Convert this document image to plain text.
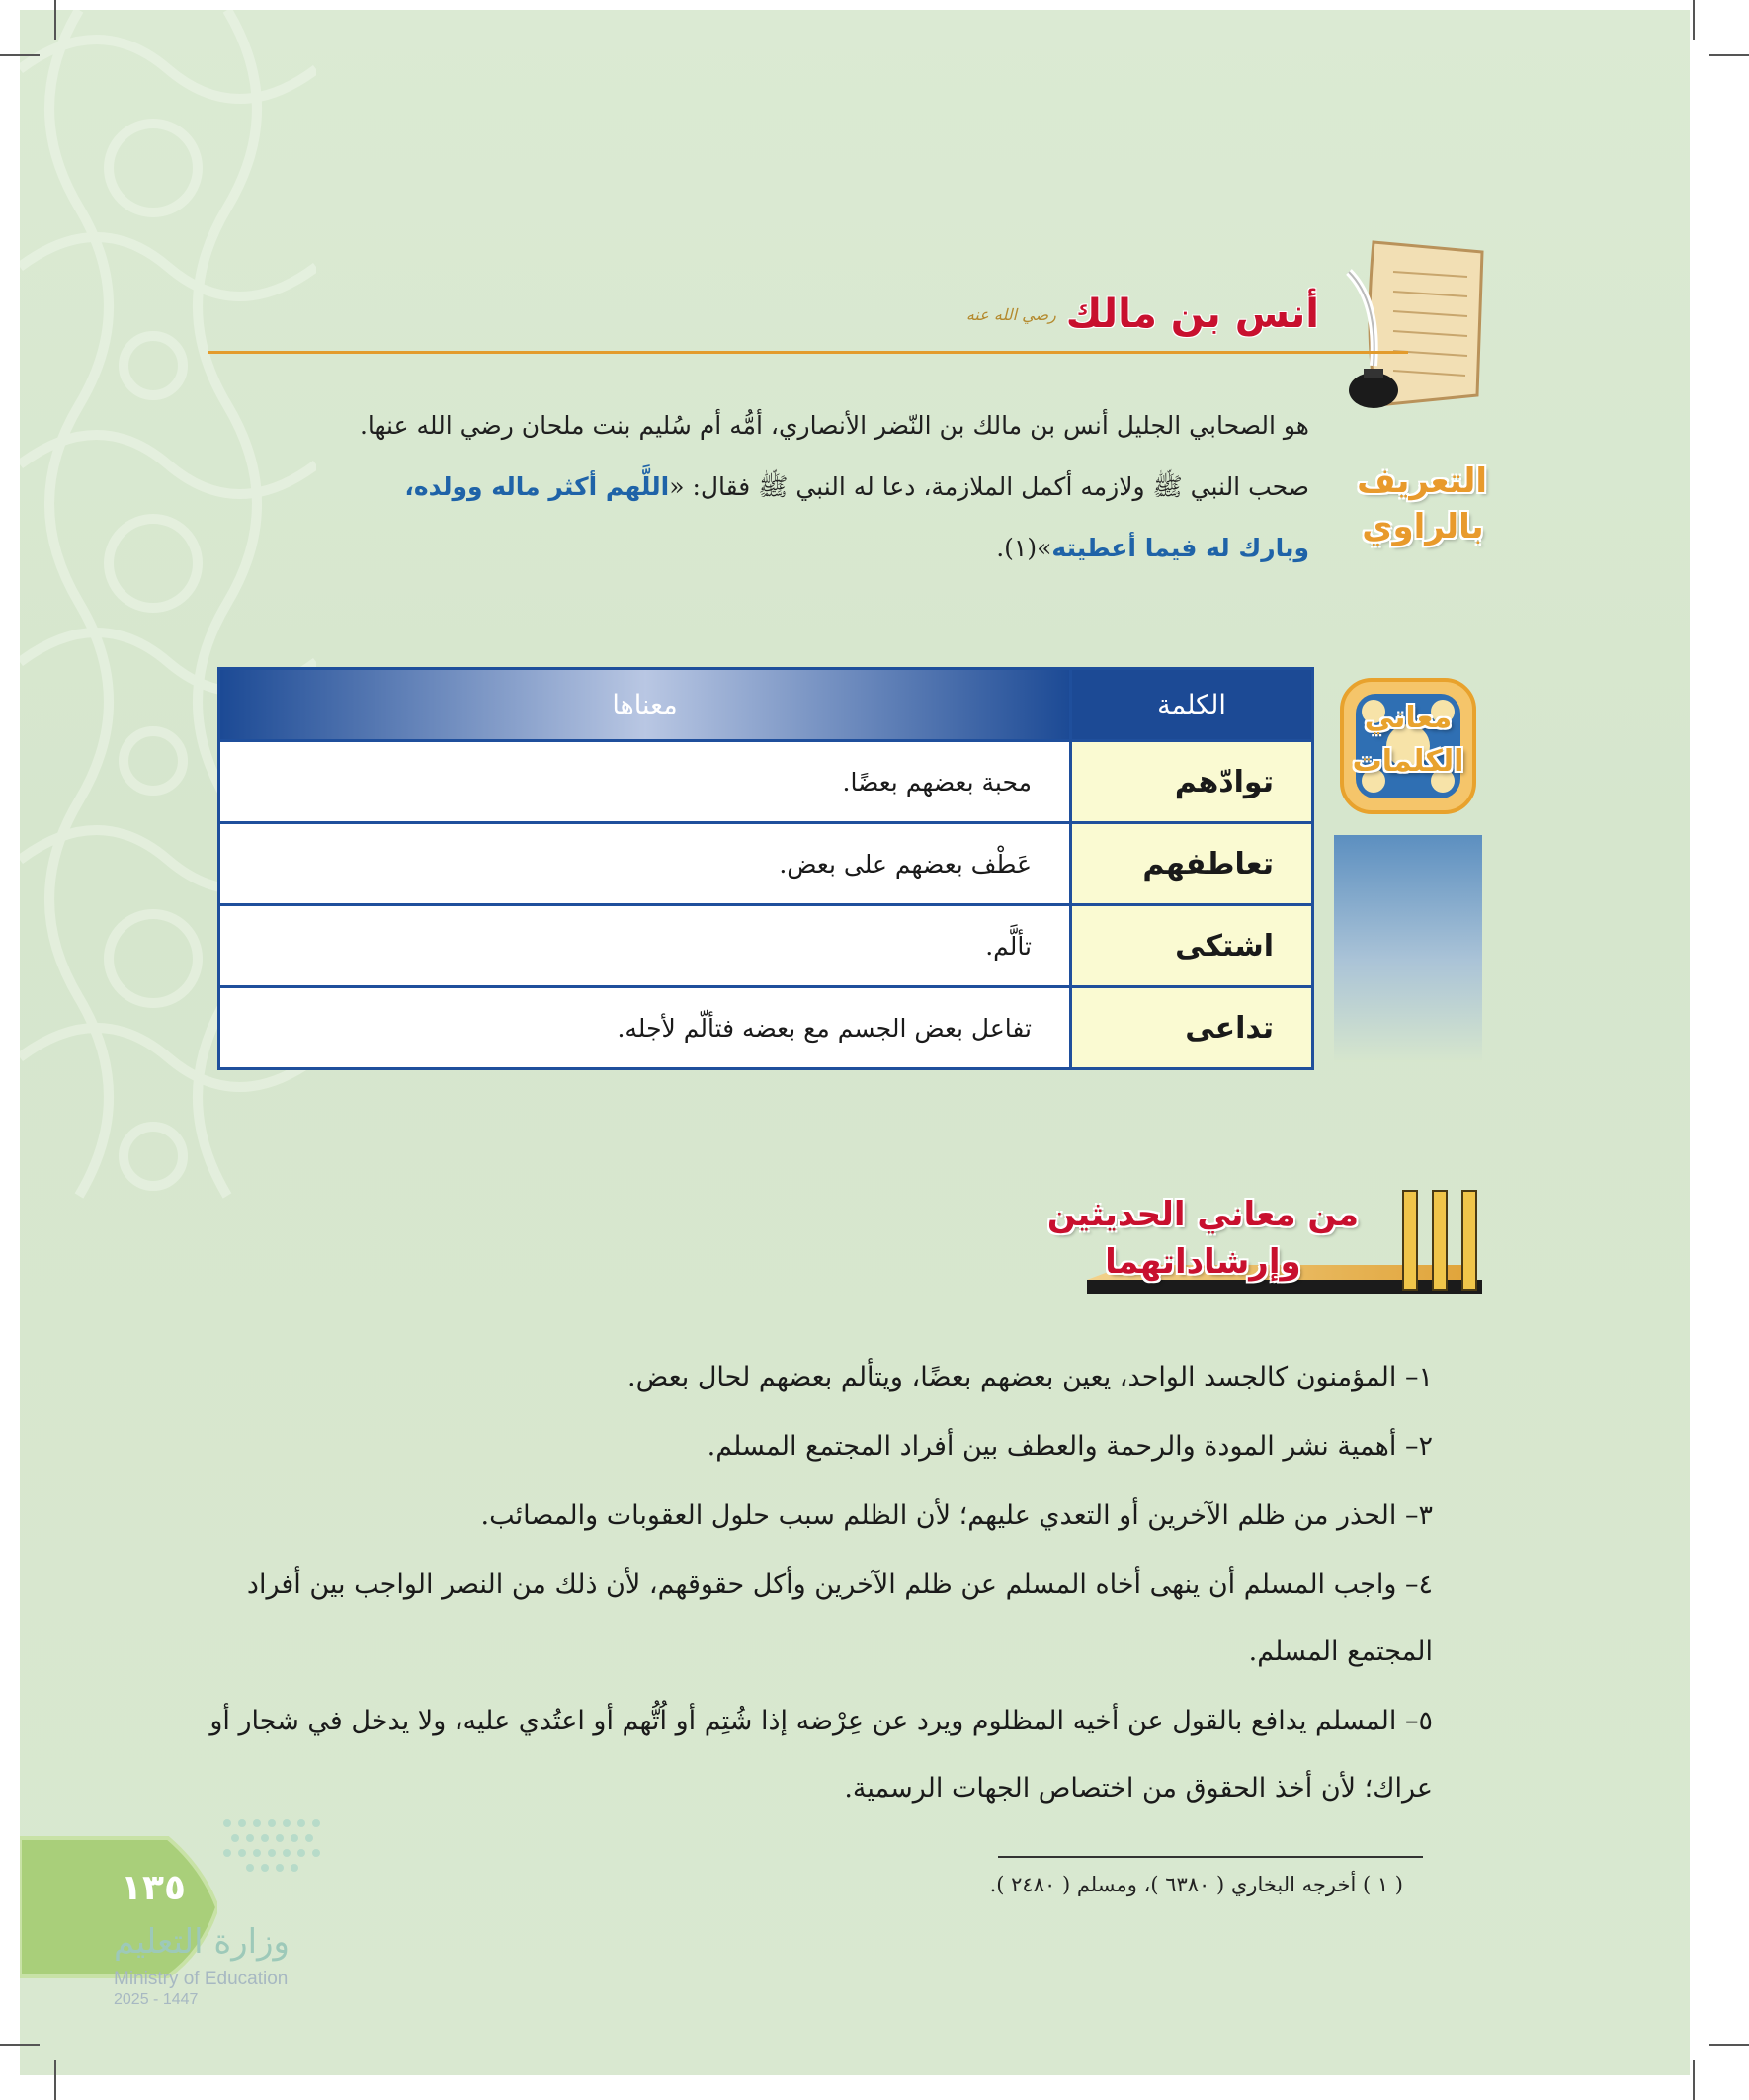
أنس بن مالك
رضي الله عنه
التعريف
بالراوي
هو الصحابي الجليل أنس بن مالك بن النّضر الأنصاري، أمُّه أم سُليم بنت ملحان رضي الله عنها.
صحب النبي ﷺ ولازمه أكمل الملازمة، دعا له النبي ﷺ فقال: «اللَّهم أكثر ماله وولده،
وبارك له فيما أعطيته»(١).
معاني
الكلمات
الكلمة	معناها
توادّهم	محبة بعضهم بعضًا.
تعاطفهم	عَطْف بعضهم على بعض.
اشتكى	تألَّم.
تداعى	تفاعل بعض الجسم مع بعضه فتألّم لأجله.
من معاني الحديثين
وإرشاداتهما
١– المؤمنون كالجسد الواحد، يعين بعضهم بعضًا، ويتألم بعضهم لحال بعض.
٢– أهمية نشر المودة والرحمة والعطف بين أفراد المجتمع المسلم.
٣– الحذر من ظلم الآخرين أو التعدي عليهم؛ لأن الظلم سبب حلول العقوبات والمصائب.
٤– واجب المسلم أن ينهى أخاه المسلم عن ظلم الآخرين وأكل حقوقهم، لأن ذلك من النصر الواجب بين أفراد المجتمع المسلم.
٥– المسلم يدافع بالقول عن أخيه المظلوم ويرد عن عِرْضه إذا شُتِم أو اُتُّهم أو اعتُدي عليه، ولا يدخل في شجار أو عراك؛ لأن أخذ الحقوق من اختصاص الجهات الرسمية.
( ١ ) أخرجه البخاري ( ٦٣٨٠ )، ومسلم ( ٢٤٨٠ ).
١٣٥
وزارة التعليم
Ministry of Education
2025 - 1447
